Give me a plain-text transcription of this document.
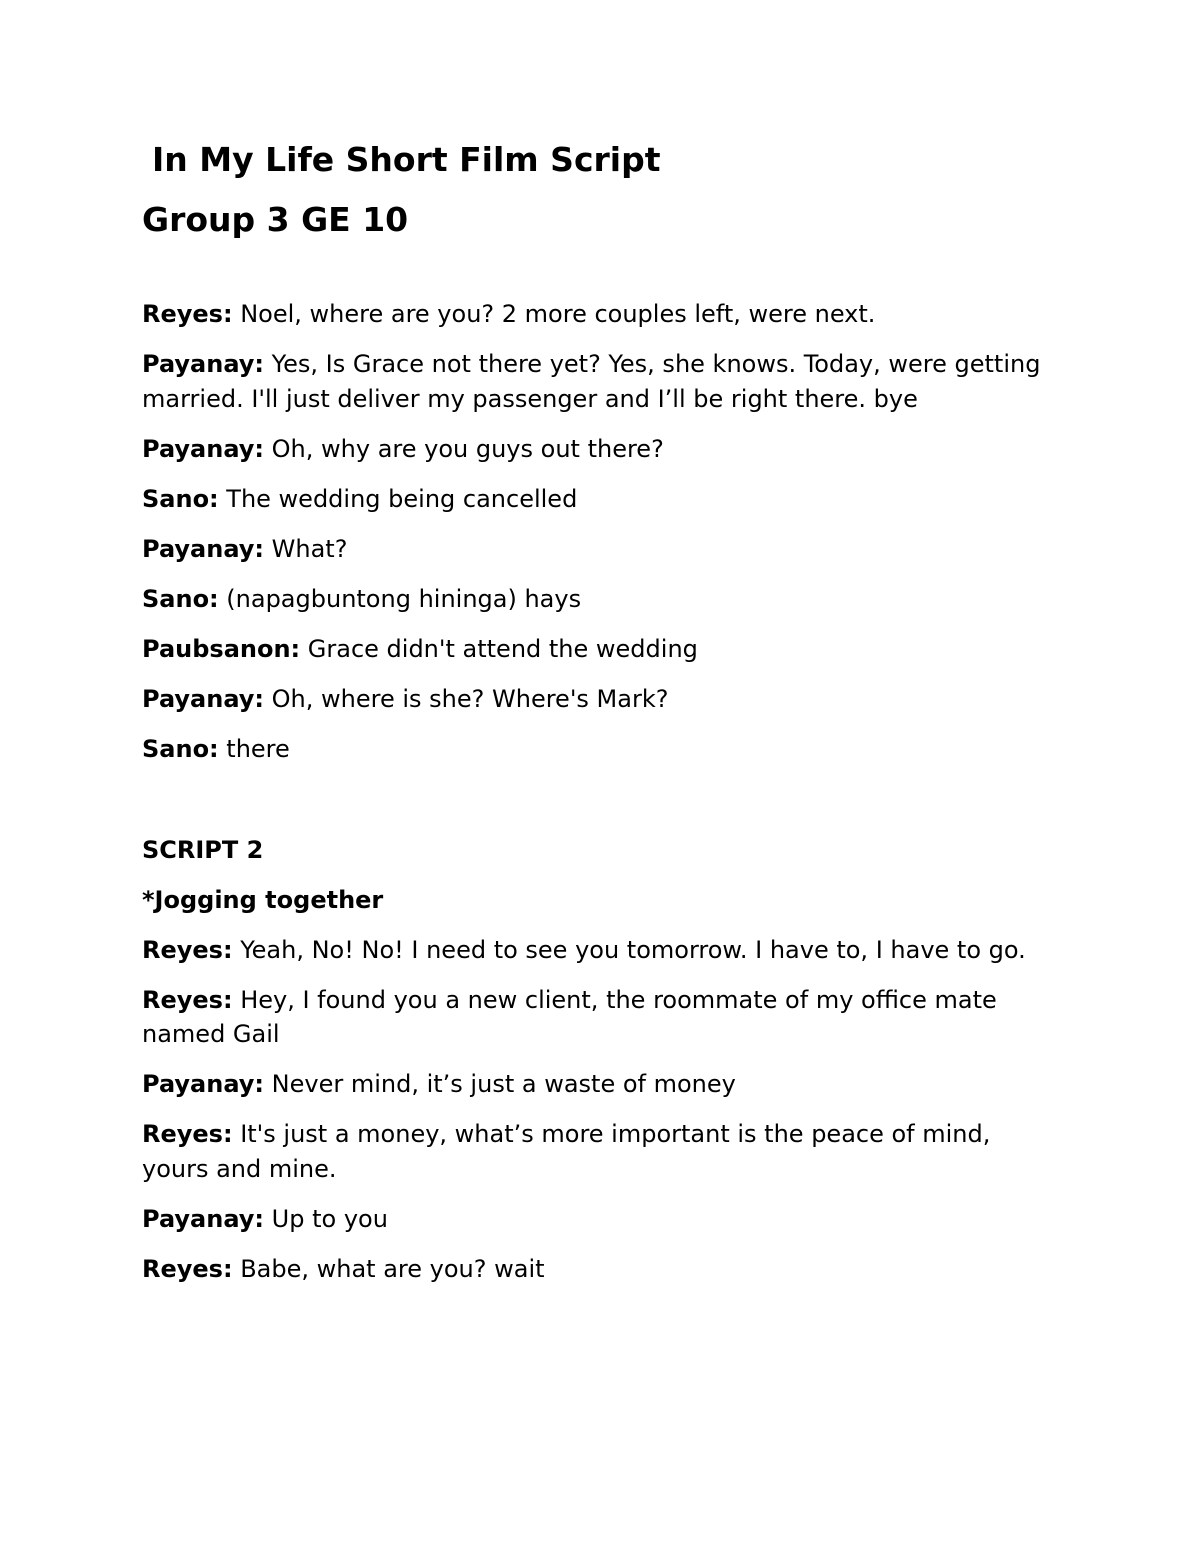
In My Life Short Film Script
Group 3 GE 10
Reyes: Noel, where are you? 2 more couples left, were next.
Payanay: Yes, Is Grace not there yet? Yes, she knows. Today, were getting married. I'll just deliver my passenger and I’ll be right there. bye
Payanay: Oh, why are you guys out there?
Sano: The wedding being cancelled
Payanay: What?
Sano: (napagbuntong hininga) hays
Paubsanon: Grace didn't attend the wedding
Payanay: Oh, where is she? Where's Mark?
Sano: there
SCRIPT 2
*Jogging together
Reyes: Yeah, No! No! I need to see you tomorrow. I have to, I have to go.
Reyes: Hey, I found you a new client, the roommate of my office mate named Gail
Payanay: Never mind, it’s just a waste of money
Reyes: It's just a money, what’s more important is the peace of mind, yours and mine.
Payanay: Up to you
Reyes: Babe, what are you? wait
